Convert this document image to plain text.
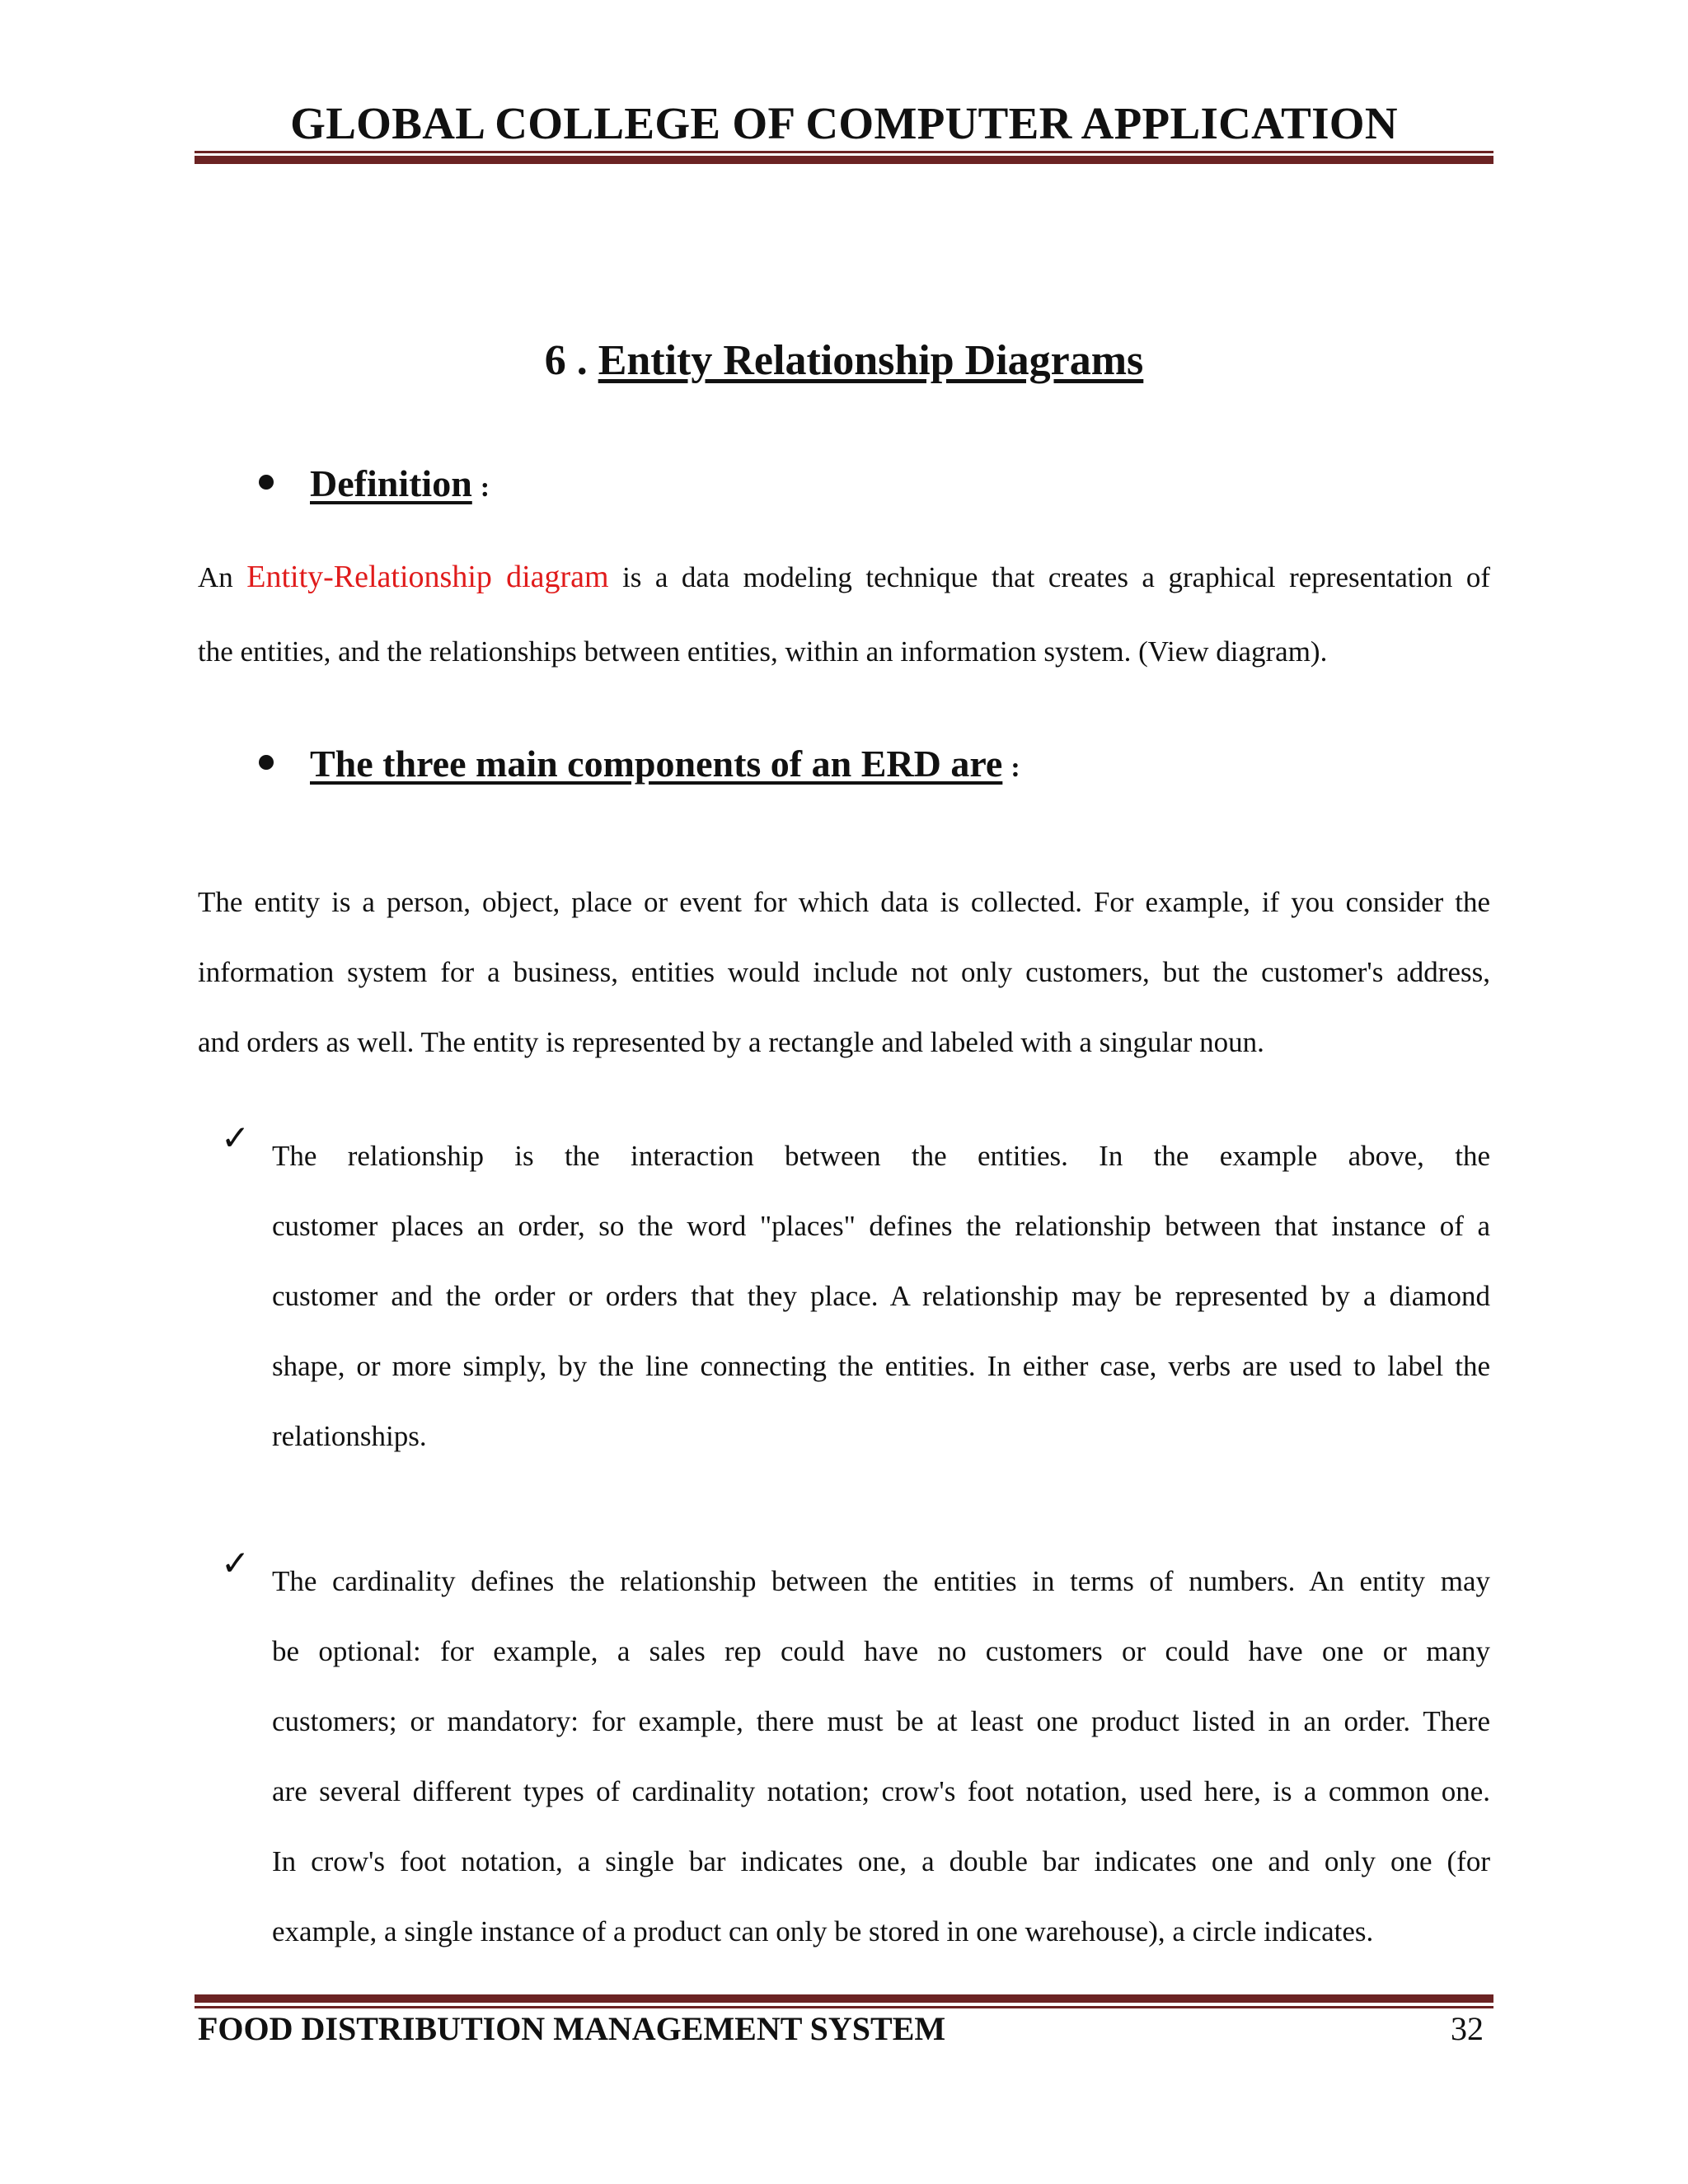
GLOBAL COLLEGE OF COMPUTER APPLICATION
6 . Entity Relationship Diagrams
Definition :
An Entity-Relationship diagram is a data modeling technique that creates a graphical representation of
the entities, and the relationships between entities, within an information system. (View diagram).
The three main components of an ERD are :
The entity is a person, object, place or event for which data is collected. For example, if you consider the
information system for a business, entities would include not only customers, but the customer's address,
and orders as well. The entity is represented by a rectangle and labeled with a singular noun.
✓ The relationship is the interaction between the entities. In the example above, the
customer places an order, so the word "places" defines the relationship between that instance of a
customer and the order or orders that they place. A relationship may be represented by a diamond
shape, or more simply, by the line connecting the entities. In either case, verbs are used to label the
relationships.
✓ The cardinality defines the relationship between the entities in terms of numbers. An entity may
be optional: for example, a sales rep could have no customers or could have one or many
customers; or mandatory: for example, there must be at least one product listed in an order. There
are several different types of cardinality notation; crow's foot notation, used here, is a common one.
In crow's foot notation, a single bar indicates one, a double bar indicates one and only one (for
example, a single instance of a product can only be stored in one warehouse), a circle indicates.
FOOD DISTRIBUTION MANAGEMENT SYSTEM	32
